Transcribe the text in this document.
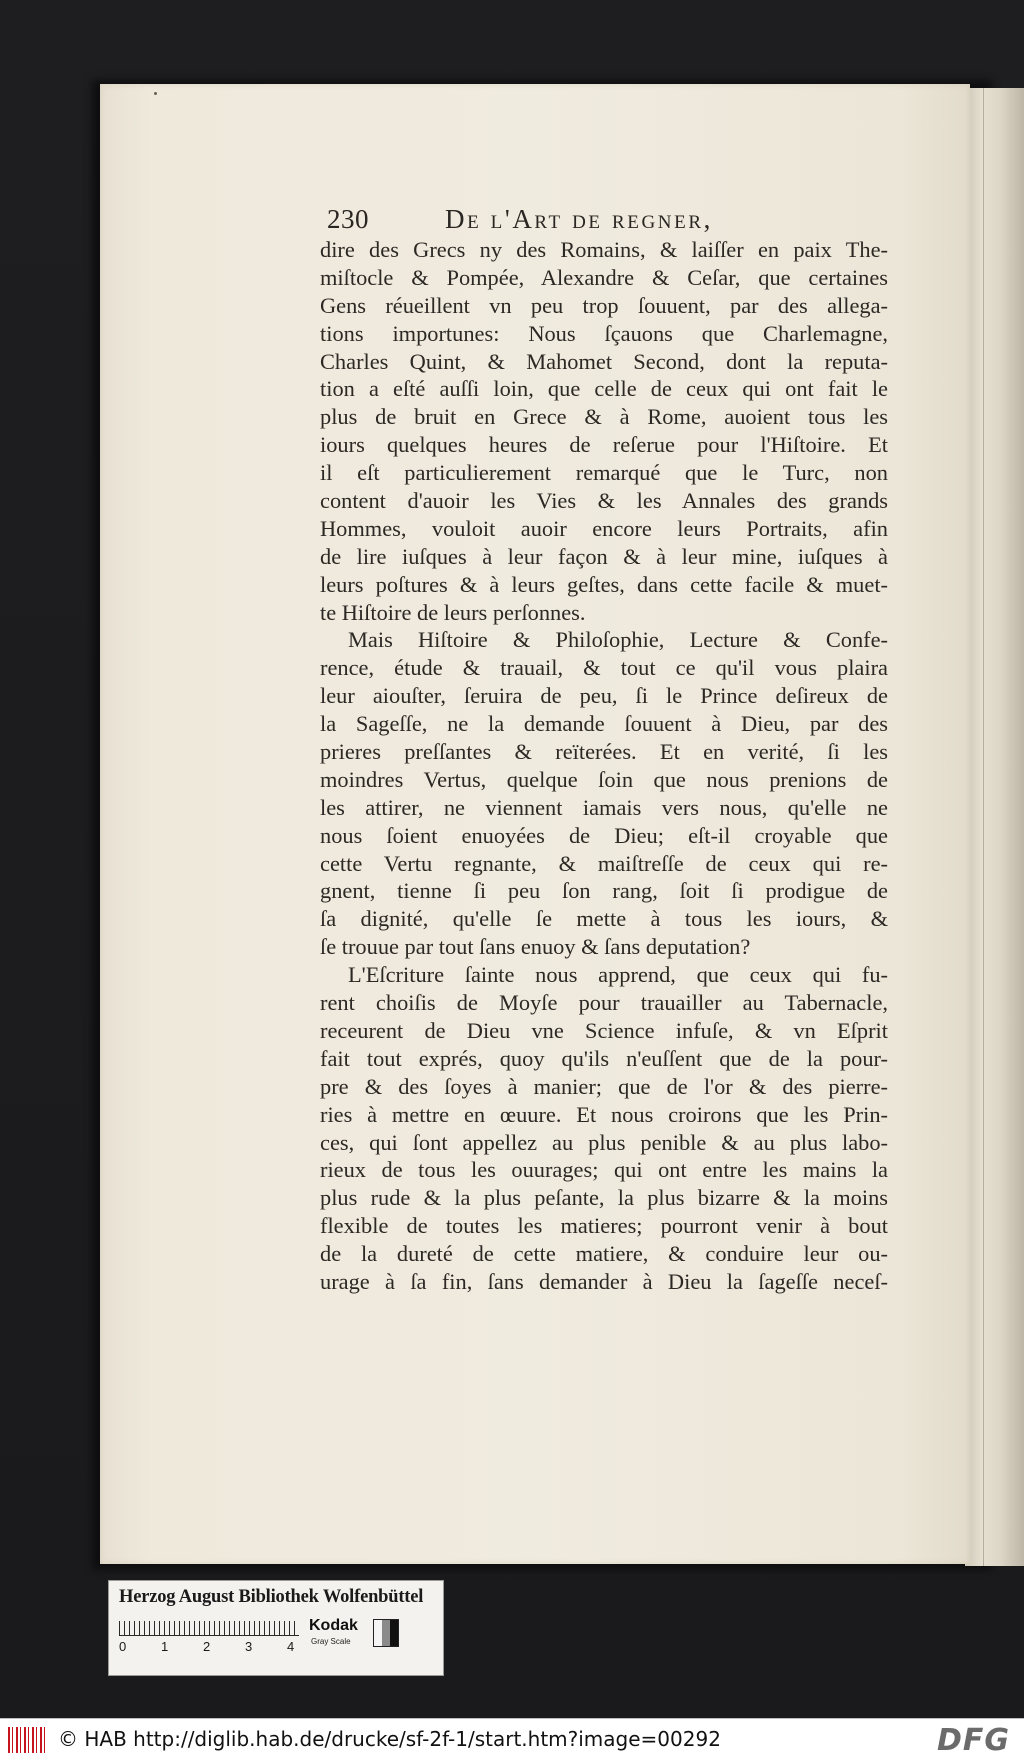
230	De l'Art de regner,
dire des Grecs ny des Romains, & laiſſer en paix The-
miſtocle & Pompée, Alexandre & Ceſar, que certaines
Gens réueillent vn peu trop ſouuent, par des allega-
tions importunes: Nous ſçauons que Charlemagne,
Charles Quint, & Mahomet Second, dont la reputa-
tion a eſté auſſi loin, que celle de ceux qui ont fait le
plus de bruit en Grece & à Rome, auoient tous les
iours quelques heures de reſerue pour l'Hiſtoire. Et
il eſt particulierement remarqué que le Turc, non
content d'auoir les Vies & les Annales des grands
Hommes, vouloit auoir encore leurs Portraits, afin
de lire iuſques à leur façon & à leur mine, iuſques à
leurs poſtures & à leurs geſtes, dans cette facile & muet-
te Hiſtoire de leurs perſonnes.
Mais Hiſtoire & Philoſophie, Lecture & Confe-
rence, étude & trauail, & tout ce qu'il vous plaira
leur aiouſter, ſeruira de peu, ſi le Prince deſireux de
la Sageſſe, ne la demande ſouuent à Dieu, par des
prieres preſſantes & reïterées. Et en verité, ſi les
moindres Vertus, quelque ſoin que nous prenions de
les attirer, ne viennent iamais vers nous, qu'elle ne
nous ſoient enuoyées de Dieu; eſt-il croyable que
cette Vertu regnante, & maiſtreſſe de ceux qui re-
gnent, tienne ſi peu ſon rang, ſoit ſi prodigue de
ſa dignité, qu'elle ſe mette à tous les iours, &
ſe trouue par tout ſans enuoy & ſans deputation?
L'Eſcriture ſainte nous apprend, que ceux qui fu-
rent choiſis de Moyſe pour trauailler au Tabernacle,
receurent de Dieu vne Science infuſe, & vn Eſprit
fait tout exprés, quoy qu'ils n'euſſent que de la pour-
pre & des ſoyes à manier; que de l'or & des pierre-
ries à mettre en œuure. Et nous croirons que les Prin-
ces, qui ſont appellez au plus penible & au plus labo-
rieux de tous les ouurages; qui ont entre les mains la
plus rude & la plus peſante, la plus bizarre & la moins
flexible de toutes les matieres; pourront venir à bout
de la dureté de cette matiere, & conduire leur ou-
urage à ſa fin, ſans demander à Dieu la ſageſſe neceſ-
Herzog August Bibliothek Wolfenbüttel
0	1	2	3	4
Kodak
Gray Scale
© HAB http://diglib.hab.de/drucke/sf-2f-1/start.htm?image=00292	DFG
